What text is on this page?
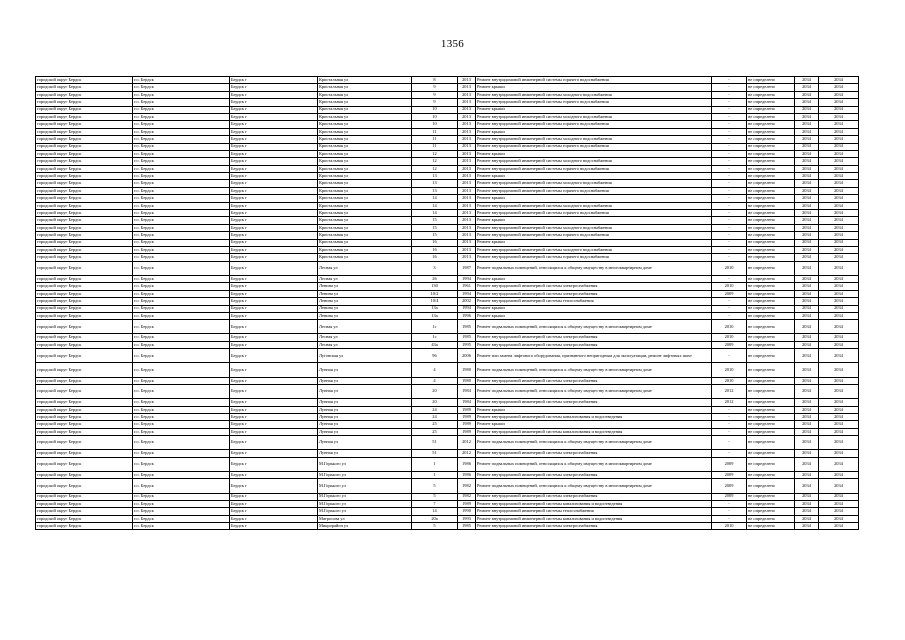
1356
городской округ Бердск	г.о. Бердск	Бердск г	Кристальная ул	8	2013	Ремонт внутридомовой инженерной системы горячего водоснабжения	-	не определено	2034	2034
городской округ Бердск	г.о. Бердск	Бердск г	Кристальная ул	9	2013	Ремонт крыши	-	не определено	2034	2034
городской округ Бердск	г.о. Бердск	Бердск г	Кристальная ул	9	2013	Ремонт внутридомовой инженерной системы холодного водоснабжения	-	не определено	2034	2034
городской округ Бердск	г.о. Бердск	Бердск г	Кристальная ул	9	2013	Ремонт внутридомовой инженерной системы горячего водоснабжения	-	не определено	2034	2034
городской округ Бердск	г.о. Бердск	Бердск г	Кристальная ул	10	2013	Ремонт крыши	-	не определено	2034	2034
городской округ Бердск	г.о. Бердск	Бердск г	Кристальная ул	10	2013	Ремонт внутридомовой инженерной системы холодного водоснабжения	-	не определено	2034	2034
городской округ Бердск	г.о. Бердск	Бердск г	Кристальная ул	10	2013	Ремонт внутридомовой инженерной системы горячего водоснабжения	-	не определено	2034	2034
городской округ Бердск	г.о. Бердск	Бердск г	Кристальная ул	11	2013	Ремонт крыши	-	не определено	2034	2034
городской округ Бердск	г.о. Бердск	Бердск г	Кристальная ул	11	2013	Ремонт внутридомовой инженерной системы холодного водоснабжения	-	не определено	2034	2034
городской округ Бердск	г.о. Бердск	Бердск г	Кристальная ул	11	2013	Ремонт внутридомовой инженерной системы горячего водоснабжения	-	не определено	2034	2034
городской округ Бердск	г.о. Бердск	Бердск г	Кристальная ул	12	2013	Ремонт крыши	-	не определено	2034	2034
городской округ Бердск	г.о. Бердск	Бердск г	Кристальная ул	12	2013	Ремонт внутридомовой инженерной системы холодного водоснабжения	-	не определено	2034	2034
городской округ Бердск	г.о. Бердск	Бердск г	Кристальная ул	12	2013	Ремонт внутридомовой инженерной системы горячего водоснабжения	-	не определено	2034	2034
городской округ Бердск	г.о. Бердск	Бердск г	Кристальная ул	13	2013	Ремонт крыши	-	не определено	2034	2034
городской округ Бердск	г.о. Бердск	Бердск г	Кристальная ул	13	2013	Ремонт внутридомовой инженерной системы холодного водоснабжения	-	не определено	2034	2034
городской округ Бердск	г.о. Бердск	Бердск г	Кристальная ул	13	2013	Ремонт внутридомовой инженерной системы горячего водоснабжения	-	не определено	2034	2034
городской округ Бердск	г.о. Бердск	Бердск г	Кристальная ул	14	2013	Ремонт крыши	-	не определено	2034	2034
городской округ Бердск	г.о. Бердск	Бердск г	Кристальная ул	14	2013	Ремонт внутридомовой инженерной системы холодного водоснабжения	-	не определено	2034	2034
городской округ Бердск	г.о. Бердск	Бердск г	Кристальная ул	14	2013	Ремонт внутридомовой инженерной системы горячего водоснабжения	-	не определено	2034	2034
городской округ Бердск	г.о. Бердск	Бердск г	Кристальная ул	15	2013	Ремонт крыши	-	не определено	2034	2034
городской округ Бердск	г.о. Бердск	Бердск г	Кристальная ул	15	2013	Ремонт внутридомовой инженерной системы холодного водоснабжения	-	не определено	2034	2034
городской округ Бердск	г.о. Бердск	Бердск г	Кристальная ул	15	2013	Ремонт внутридомовой инженерной системы горячего водоснабжения	-	не определено	2034	2034
городской округ Бердск	г.о. Бердск	Бердск г	Кристальная ул	16	2013	Ремонт крыши	-	не определено	2034	2034
городской округ Бердск	г.о. Бердск	Бердск г	Кристальная ул	16	2013	Ремонт внутридомовой инженерной системы холодного водоснабжения	-	не определено	2034	2034
городской округ Бердск	г.о. Бердск	Бердск г	Кристальная ул	16	2013	Ремонт внутридомовой инженерной системы горячего водоснабжения	-	не определено	2034	2034
городской округ Бердск	г.о. Бердск	Бердск г	Лесная ул	3	1987	Ремонт подвальных помещений, относящихся к общему имуществу в многоквартирном доме	2010	не определено	2034	2034
городской округ Бердск	г.о. Бердск	Бердск г	Лесная ул	26	1994	Ремонт крыши	-	не определено	2034	2034
городской округ Бердск	г.о. Бердск	Бердск г	Ленина ул	130	1961	Ремонт внутридомовой инженерной системы электроснабжения	2010	не определено	2034	2034
городской округ Бердск	г.о. Бердск	Бердск г	Ленина ул	10/2	1994	Ремонт внутридомовой инженерной системы электроснабжения	2009	не определено	2034	2034
городской округ Бердск	г.о. Бердск	Бердск г	Ленина ул	10/4	2002	Ремонт внутридомовой инженерной системы теплоснабжения	-	не определено	2034	2034
городской округ Бердск	г.о. Бердск	Бердск г	Ленина ул	13а	1994	Ремонт крыши	-	не определено	2034	2034
городской округ Бердск	г.о. Бердск	Бердск г	Ленина ул	13а	1996	Ремонт крыши	-	не определено	2034	2034
городской округ Бердск	г.о. Бердск	Бердск г	Лесная ул	1с	1985	Ремонт подвальных помещений, относящихся к общему имуществу в многоквартирном доме	2010	не определено	2034	2034
городской округ Бердск	г.о. Бердск	Бердск г	Лесная ул	1с	1985	Ремонт внутридомовой инженерной системы электроснабжения	2010	не определено	2034	2034
городской округ Бердск	г.о. Бердск	Бердск г	Лесная ул	43а	1995	Ремонт внутридомовой инженерной системы электроснабжения	2009	не определено	2034	2034
городской округ Бердск	г.о. Бердск	Бердск г	Луговская ул	96	2006	Ремонт или замена лифтового оборудования, признанного непригодным для эксплуатации, ремонт лифтовых шахт	-	не определено	2034	2034
городской округ Бердск	г.о. Бердск	Бердск г	Лунная ул	4	1980	Ремонт подвальных помещений, относящихся к общему имуществу в многоквартирном доме	2010	не определено	2034	2034
городской округ Бердск	г.о. Бердск	Бердск г	Лунная ул	4	1980	Ремонт внутридомовой инженерной системы электроснабжения	2010	не определено	2034	2034
городской округ Бердск	г.о. Бердск	Бердск г	Лунная ул	20	1984	Ремонт подвальных помещений, относящихся к общему имуществу в многоквартирном доме	2012	не определено	2034	2034
городской округ Бердск	г.о. Бердск	Бердск г	Лунная ул	20	1984	Ремонт внутридомовой инженерной системы электроснабжения	2012	не определено	2034	2034
городской округ Бердск	г.о. Бердск	Бердск г	Лунная ул	24	1989	Ремонт крыши	-	не определено	2034	2034
городской округ Бердск	г.о. Бердск	Бердск г	Лунная ул	24	1989	Ремонт внутридомовой инженерной системы канализования и водоотведения	-	не определено	2034	2034
городской округ Бердск	г.о. Бердск	Бердск г	Лунная ул	25	1989	Ремонт крыши	-	не определено	2034	2034
городской округ Бердск	г.о. Бердск	Бердск г	Лунная ул	25	1989	Ремонт внутридомовой инженерной системы канализования и водоотведения	-	не определено	2034	2034
городской округ Бердск	г.о. Бердск	Бердск г	Лунная ул	51	2012	Ремонт подвальных помещений, относящихся к общему имуществу в многоквартирном доме	-	не определено	2034	2034
городской округ Бердск	г.о. Бердск	Бердск г	Лунная ул	51	2012	Ремонт внутридомовой инженерной системы электроснабжения	-	не определено	2034	2034
городской округ Бердск	г.о. Бердск	Бердск г	М.Горького ул	1	1986	Ремонт подвальных помещений, относящихся к общему имуществу в многоквартирном доме	2009	не определено	2034	2034
городской округ Бердск	г.о. Бердск	Бердск г	М.Горького ул	1	1986	Ремонт внутридомовой инженерной системы электроснабжения	2009	не определено	2034	2034
городской округ Бердск	г.о. Бердск	Бердск г	М.Горького ул	5	1982	Ремонт подвальных помещений, относящихся к общему имуществу в многоквартирном доме	2009	не определено	2034	2034
городской округ Бердск	г.о. Бердск	Бердск г	М.Горького ул	5	1982	Ремонт внутридомовой инженерной системы электроснабжения	2009	не определено	2034	2034
городской округ Бердск	г.о. Бердск	Бердск г	М.Горького ул	7	1989	Ремонт внутридомовой инженерной системы канализования и водоотведения	-	не определено	2034	2034
городской округ Бердск	г.о. Бердск	Бердск г	М.Горького ул	14	1990	Ремонт внутридомовой инженерной системы теплоснабжения	-	не определено	2034	2034
городской округ Бердск	г.о. Бердск	Бердск г	Матросова ул	20а	1993	Ремонт внутридомовой инженерной системы канализования и водоотведения	-	не определено	2034	2034
городской округ Бердск	г.о. Бердск	Бердск г	Микрорайон ул	5	1985	Ремонт внутридомовой инженерной системы электроснабжения	2010	не определено	2034	2034
